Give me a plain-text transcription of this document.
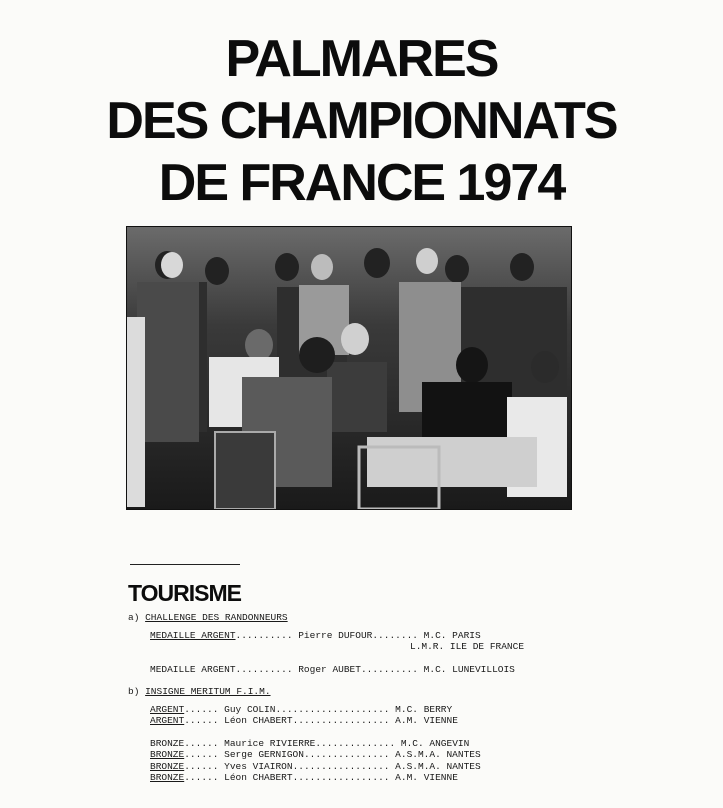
PALMARES
DES CHAMPIONNATS
DE FRANCE 1974
TOURISME
a) CHALLENGE DES RANDONNEURS
MEDAILLE ARGENT.......... Pierre DUFOUR........ M.C. PARIS
L.M.R. ILE DE FRANCE
MEDAILLE ARGENT.......... Roger AUBET.......... M.C. LUNEVILLOIS
b) INSIGNE MERITUM F.I.M.
ARGENT...... Guy COLIN.................... M.C. BERRY
ARGENT...... Léon CHABERT................. A.M. VIENNE
BRONZE...... Maurice RIVIERRE.............. M.C. ANGEVIN
BRONZE...... Serge GERNIGON............... A.S.M.A. NANTES
BRONZE...... Yves VIAIRON................. A.S.M.A. NANTES
BRONZE...... Léon CHABERT................. A.M. VIENNE
